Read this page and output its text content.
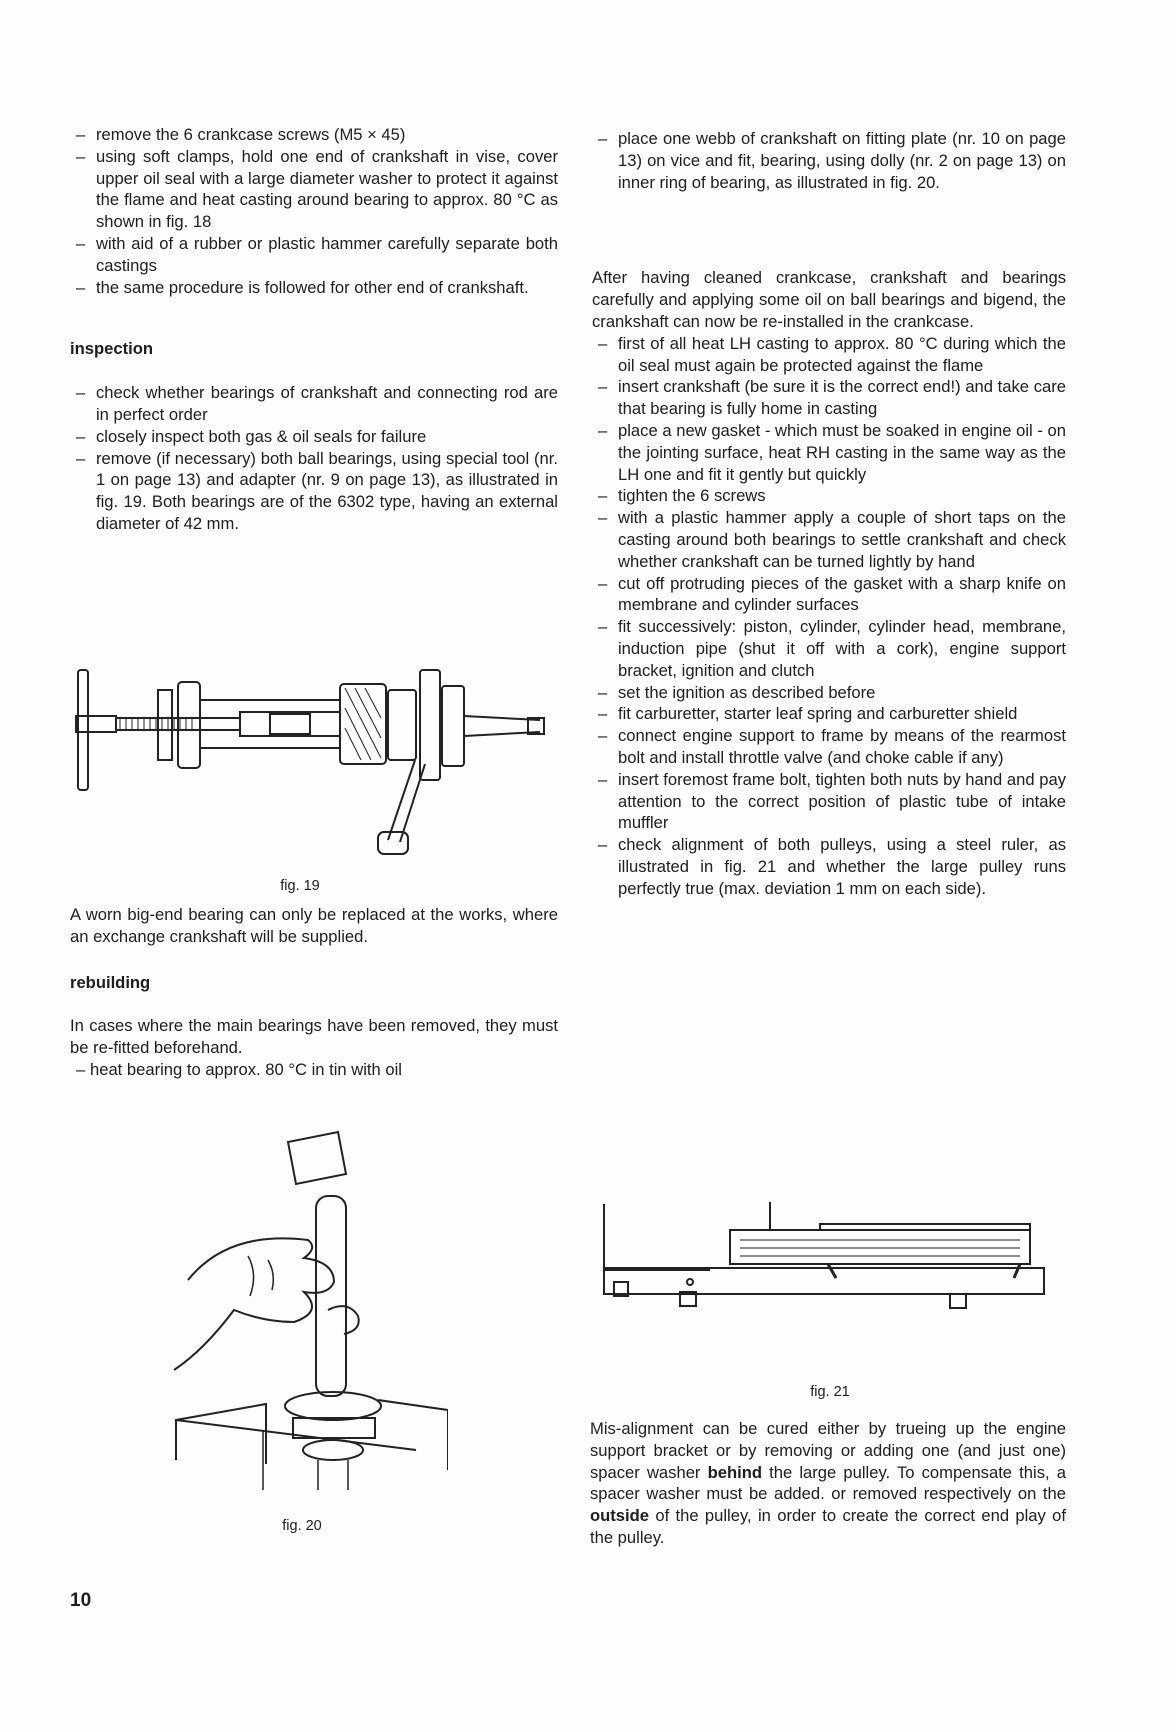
– remove the 6 crankcase screws (M5 × 45)
– using soft clamps, hold one end of crankshaft in vise, cover upper oil seal with a large diameter washer to protect it against the flame and heat casting around bearing to approx. 80 °C as shown in fig. 18
– with aid of a rubber or plastic hammer carefully separate both castings
– the same procedure is followed for other end of crankshaft.
inspection
– check whether bearings of crankshaft and connecting rod are in perfect order
– closely inspect both gas & oil seals for failure
– remove (if necessary) both ball bearings, using special tool (nr. 1 on page 13) and adapter (nr. 9 on page 13), as illustrated in fig. 19. Both bearings are of the 6302 type, having an external diameter of 42 mm.
fig. 19

A worn big-end bearing can only be replaced at the works, where an exchange crankshaft will be supplied.

rebuilding

In cases where the main bearings have been removed, they must be re-fitted beforehand.

– heat bearing to approx. 80 °C in tin with oil
fig. 20
– place one webb of crankshaft on fitting plate (nr. 10 on page 13) on vice and fit, bearing, using dolly (nr. 2 on page 13) on inner ring of bearing, as illustrated in fig. 20.

After having cleaned crankcase, crankshaft and bearings carefully and applying some oil on ball bearings and bigend, the crankshaft can now be re-installed in the crankcase.

– first of all heat LH casting to approx. 80 °C during which the oil seal must again be protected against the flame
– insert crankshaft (be sure it is the correct end!) and take care that bearing is fully home in casting
– place a new gasket - which must be soaked in engine oil - on the jointing surface, heat RH casting in the same way as the LH one and fit it gently but quickly
– tighten the 6 screws
– with a plastic hammer apply a couple of short taps on the casting around both bearings to settle crankshaft and check whether crankshaft can be turned lightly by hand
– cut off protruding pieces of the gasket with a sharp knife on membrane and cylinder surfaces
– fit successively: piston, cylinder, cylinder head, membrane, induction pipe (shut it off with a cork), engine support bracket, ignition and clutch
– set the ignition as described before
– fit carburetter, starter leaf spring and carburetter shield
– connect engine support to frame by means of the rearmost bolt and install throttle valve (and choke cable if any)
– insert foremost frame bolt, tighten both nuts by hand and pay attention to the correct position of plastic tube of intake muffler
– check alignment of both pulleys, using a steel ruler, as illustrated in fig. 21 and whether the large pulley runs perfectly true (max. deviation 1 mm on each side).
fig. 21

Mis-alignment can be cured either by trueing up the engine support bracket or by removing or adding one (and just one) spacer washer behind the large pulley. To compensate this, a spacer washer must be added. or removed respectively on the outside of the pulley, in order to create the correct end play of the pulley.

10
